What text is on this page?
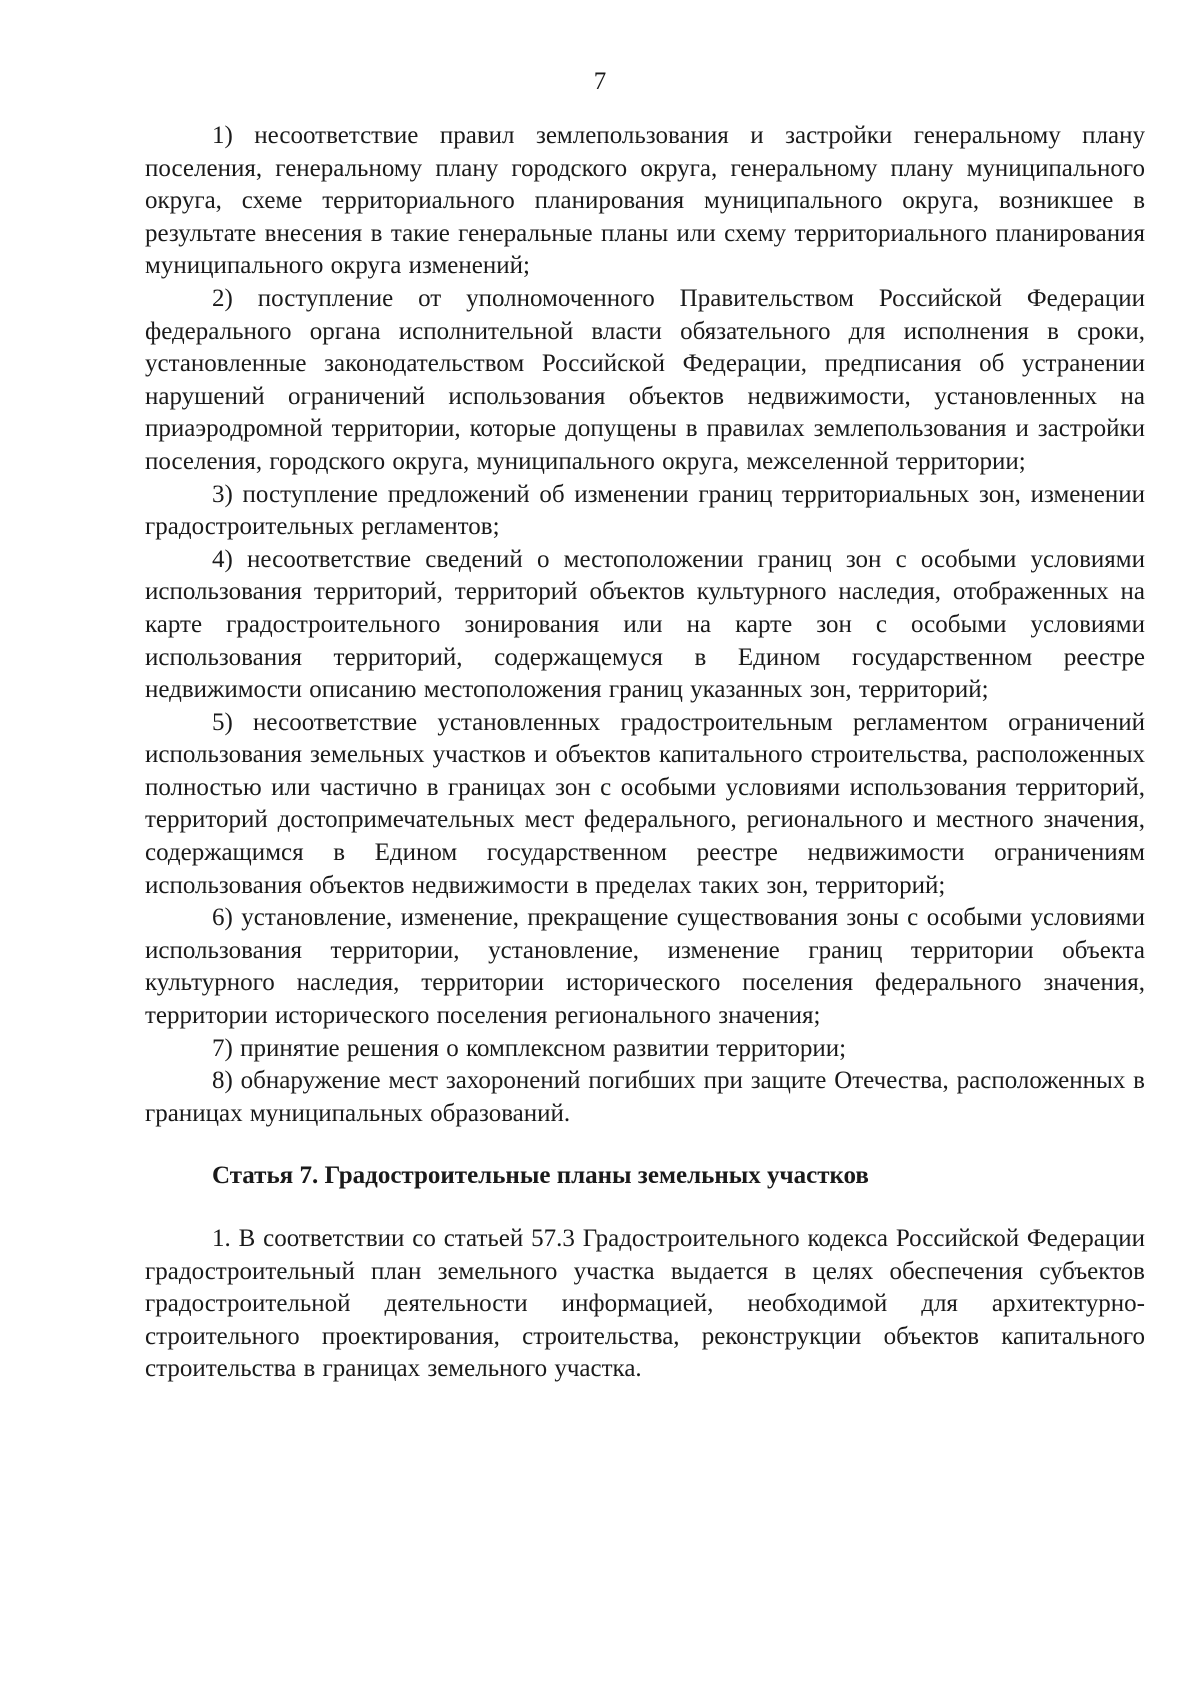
7

1) несоответствие правил землепользования и застройки генеральному плану поселения, генеральному плану городского округа, генеральному плану муниципального округа, схеме территориального планирования муниципального округа, возникшее в результате внесения в такие генеральные планы или схему территориального планирования муниципального округа изменений;

2) поступление от уполномоченного Правительством Российской Федерации федерального органа исполнительной власти обязательного для исполнения в сроки, установленные законодательством Российской Федерации, предписания об устранении нарушений ограничений использования объектов недвижимости, установленных на приаэродромной территории, которые допущены в правилах землепользования и застройки поселения, городского округа, муниципального округа, межселенной территории;

3) поступление предложений об изменении границ территориальных зон, изменении градостроительных регламентов;

4) несоответствие сведений о местоположении границ зон с особыми условиями использования территорий, территорий объектов культурного наследия, отображенных на карте градостроительного зонирования или на карте зон с особыми условиями использования территорий, содержащемуся в Едином государственном реестре недвижимости описанию местоположения границ указанных зон, территорий;

5) несоответствие установленных градостроительным регламентом ограничений использования земельных участков и объектов капитального строительства, расположенных полностью или частично в границах зон с особыми условиями использования территорий, территорий достопримечательных мест федерального, регионального и местного значения, содержащимся в Едином государственном реестре недвижимости ограничениям использования объектов недвижимости в пределах таких зон, территорий;

6) установление, изменение, прекращение существования зоны с особыми условиями использования территории, установление, изменение границ территории объекта культурного наследия, территории исторического поселения федерального значения, территории исторического поселения регионального значения;

7) принятие решения о комплексном развитии территории;

8) обнаружение мест захоронений погибших при защите Отечества, расположенных в границах муниципальных образований.

Статья 7. Градостроительные планы земельных участков

1. В соответствии со статьей 57.3 Градостроительного кодекса Российской Федерации градостроительный план земельного участка выдается в целях обеспечения субъектов градостроительной деятельности информацией, необходимой для архитектурно-строительного проектирования, строительства, реконструкции объектов капитального строительства в границах земельного участка.
